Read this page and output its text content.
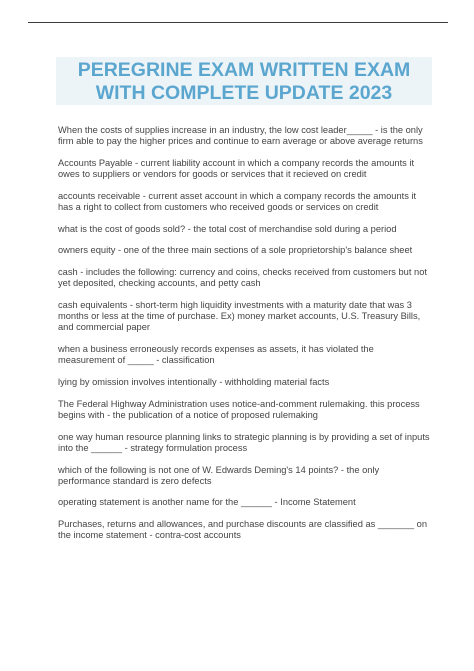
PEREGRINE EXAM WRITTEN EXAM
WITH COMPLETE UPDATE 2023
When the costs of supplies increase in an industry, the low cost leader_____ - is the only firm able to pay the higher prices and continue to earn average or above average returns
Accounts Payable - current liability account in which a company records the amounts it owes to suppliers or vendors for goods or services that it recieved on credit
accounts receivable - current asset account in which a company records the amounts it has a right to collect from customers who received goods or services on credit
what is the cost of goods sold? - the total cost of merchandise sold during a period
owners equity - one of the three main sections of a sole proprietorship's balance sheet
cash - includes the following: currency and coins, checks received from customers but not yet deposited, checking accounts, and petty cash
cash equivalents - short-term high liquidity investments with a maturity date that was 3 months or less at the time of purchase. Ex) money market accounts, U.S. Treasury Bills, and commercial paper
when a business erroneously records expenses as assets, it has violated the measurement of _____ - classification
lying by omission involves intentionally - withholding material facts
The Federal Highway Administration uses notice-and-comment rulemaking. this process begins with - the publication of a notice of proposed rulemaking
one way human resource planning links to strategic planning is by providing a set of inputs into the ______ - strategy formulation process
which of the following is not one of W. Edwards Deming's 14 points? - the only performance standard is zero defects
operating statement is another name for the ______ - Income Statement
Purchases, returns and allowances, and purchase discounts are classified as _______ on the income statement - contra-cost accounts
